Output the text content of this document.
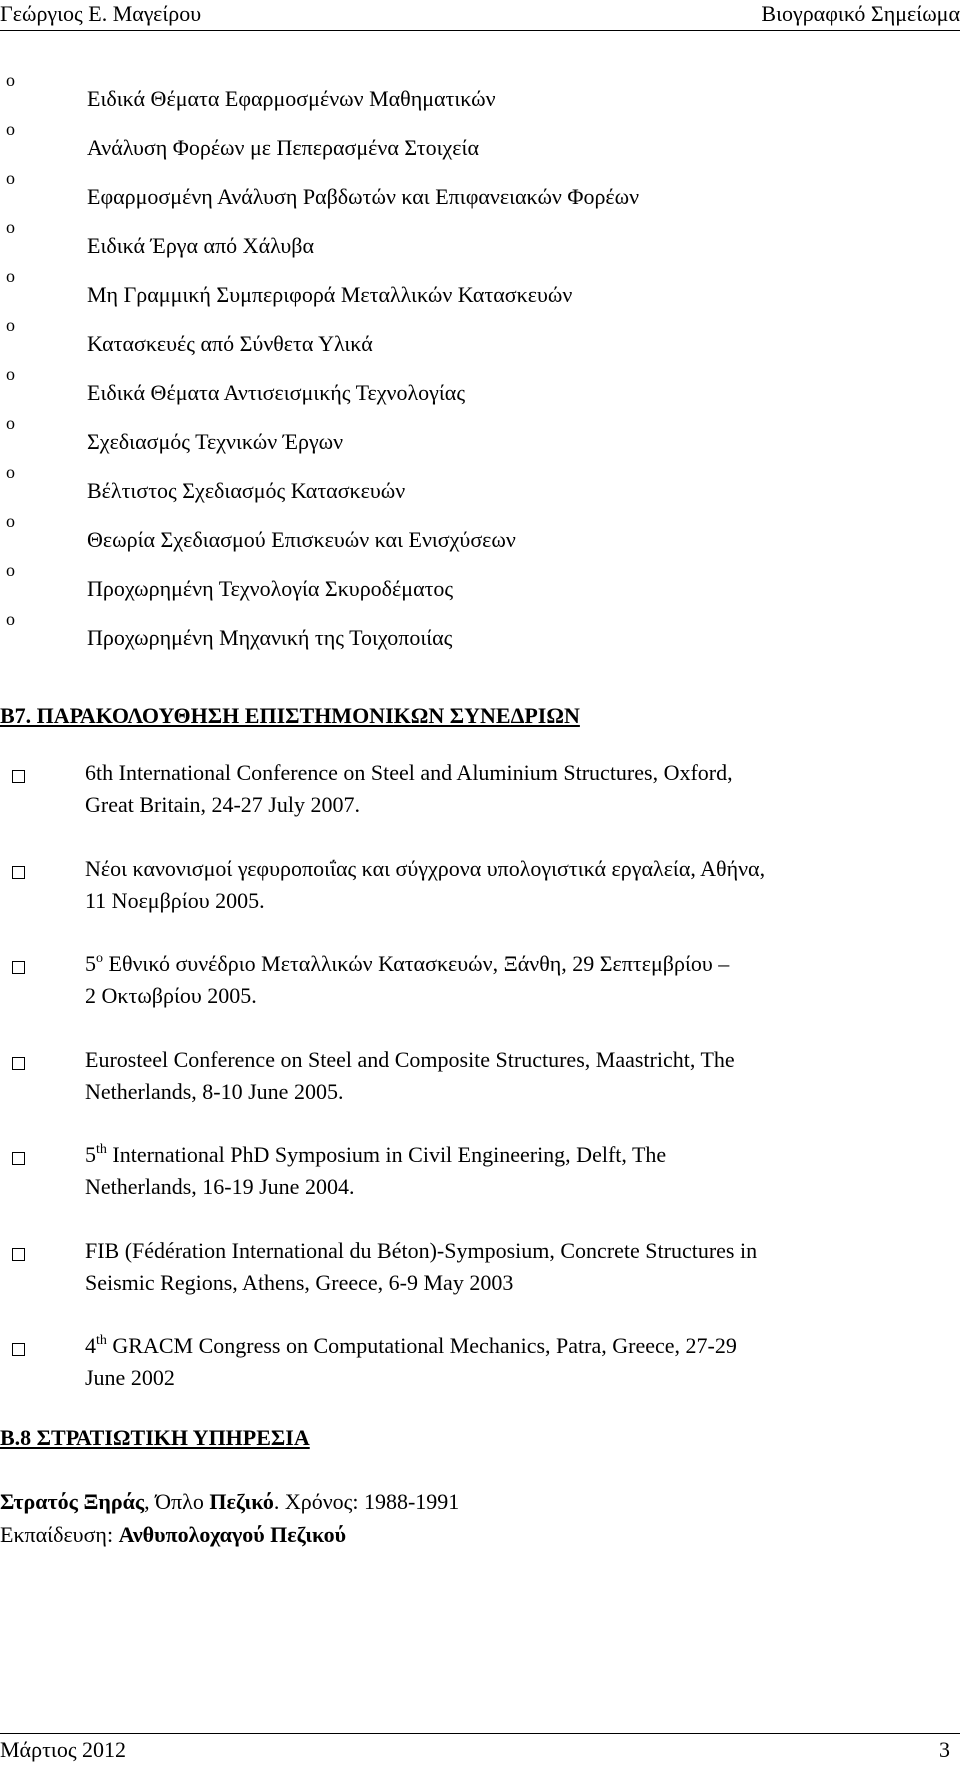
Γεώργιος Ε. Μαγείρου	Βιογραφικό Σημείωμα
o
Ειδικά Θέματα Εφαρμοσμένων Μαθηματικών
o
Ανάλυση Φορέων με Πεπερασμένα Στοιχεία
o
Εφαρμοσμένη Ανάλυση Ραβδωτών και Επιφανειακών Φορέων
o
Ειδικά Έργα από Χάλυβα
o
Μη Γραμμική Συμπεριφορά Μεταλλικών Κατασκευών
o
Κατασκευές από Σύνθετα Υλικά
o
Ειδικά Θέματα Αντισεισμικής Τεχνολογίας
o
Σχεδιασμός Τεχνικών Έργων
o
Βέλτιστος Σχεδιασμός Κατασκευών
o
Θεωρία Σχεδιασμού Επισκευών και Ενισχύσεων
o
Προχωρημένη Τεχνολογία Σκυροδέματος
o
Προχωρημένη Μηχανική της Τοιχοποιίας
Β7. ΠΑΡΑΚΟΛΟΥΘΗΣΗ ΕΠΙΣΤΗΜΟΝΙΚΩΝ ΣΥΝΕΔΡΙΩΝ
6th International Conference on Steel and Aluminium Structures, Oxford,
Great Britain, 24-27 July 2007.
Νέοι κανονισμοί γεφυροποιΐας και σύγχρονα υπολογιστικά εργαλεία, Αθήνα,
11 Νοεμβρίου 2005.
$5^o$ Εθνικό συνέδριο Μεταλλικών Κατασκευών, Ξάνθη, 29 Σεπτεμβρίου –
2 Οκτωβρίου 2005.
Eurosteel Conference on Steel and Composite Structures, Maastricht, The
Netherlands, 8-10 June 2005.
5th International PhD Symposium in Civil Engineering, Delft, The
Netherlands, 16-19 June 2004.
FIB (Fédération International du Béton)-Symposium, Concrete Structures in
Seismic Regions, Athens, Greece, 6-9 May 2003
4th GRACM Congress on Computational Mechanics, Patra, Greece, 27-29
June 2002
Β.8 ΣΤΡΑΤΙΩΤΙΚΗ ΥΠΗΡΕΣΙΑ
Στρατός Ξηράς, Όπλο Πεζικό. Χρόνος: 1988-1991
Εκπαίδευση: Ανθυπολοχαγού Πεζικού
Μάρτιος 2012	3
